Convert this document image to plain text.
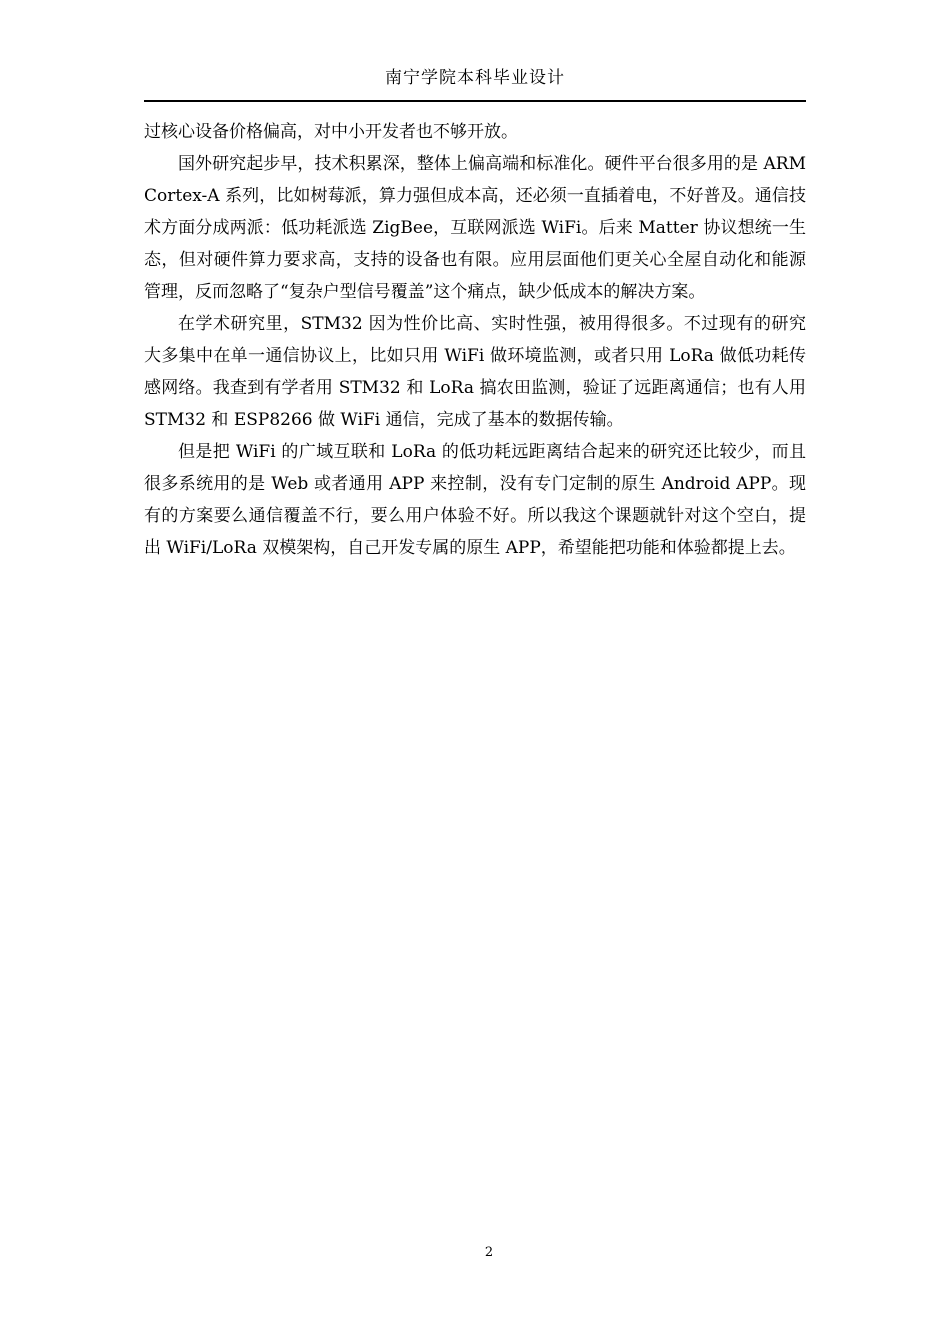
南宁学院本科毕业设计

过核心设备价格偏高，对中小开发者也不够开放。

国外研究起步早，技术积累深，整体上偏高端和标准化。硬件平台很多用的是 ARM Cortex-A 系列，比如树莓派，算力强但成本高，还必须一直插着电，不好普及。通信技术方面分成两派：低功耗派选 ZigBee，互联网派选 WiFi。后来 Matter 协议想统一生态，但对硬件算力要求高，支持的设备也有限。应用层面他们更关心全屋自动化和能源管理，反而忽略了“复杂户型信号覆盖”这个痛点，缺少低成本的解决方案。

在学术研究里，STM32 因为性价比高、实时性强，被用得很多。不过现有的研究大多集中在单一通信协议上，比如只用 WiFi 做环境监测，或者只用 LoRa 做低功耗传感网络。我查到有学者用 STM32 和 LoRa 搞农田监测，验证了远距离通信；也有人用 STM32 和 ESP8266 做 WiFi 通信，完成了基本的数据传输。

但是把 WiFi 的广域互联和 LoRa 的低功耗远距离结合起来的研究还比较少，而且很多系统用的是 Web 或者通用 APP 来控制，没有专门定制的原生 Android APP。现有的方案要么通信覆盖不行，要么用户体验不好。所以我这个课题就针对这个空白，提出 WiFi/LoRa 双模架构，自己开发专属的原生 APP，希望能把功能和体验都提上去。

2
